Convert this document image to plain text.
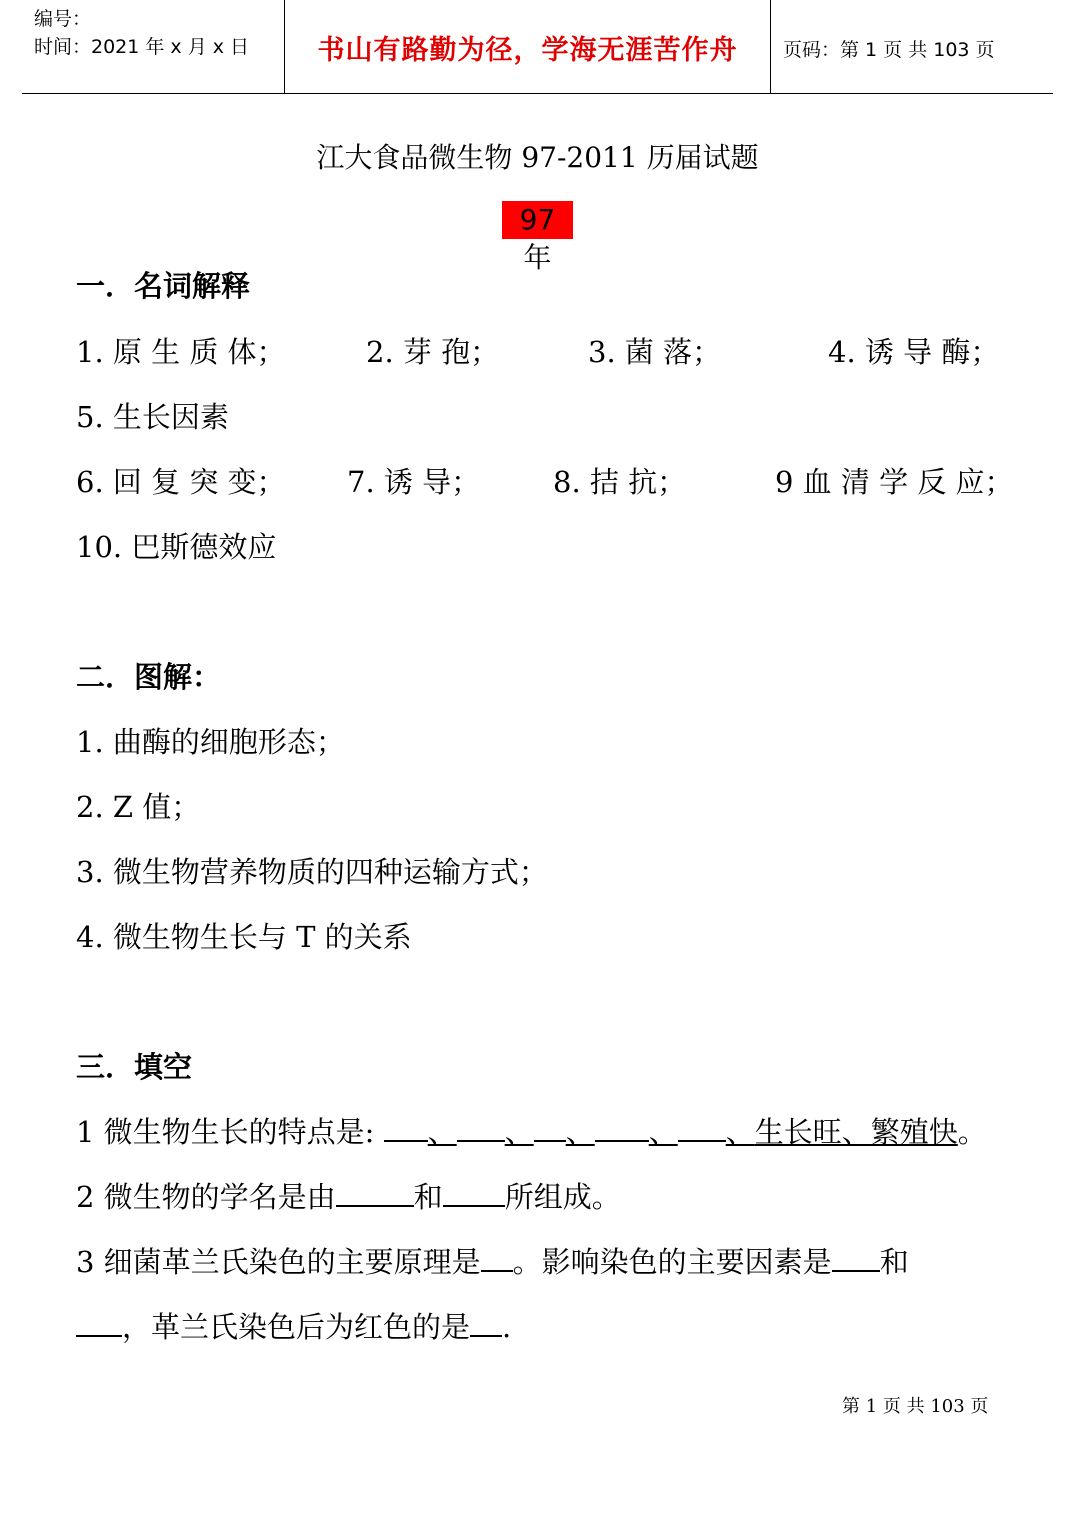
编号：
时间：2021 年 x 月 x 日	书山有路勤为径，学海无涯苦作舟	页码：第 1 页 共 103 页
江大食品微生物 97-2011 历届试题
97 年
一．名词解释
1. 原 生 质 体；	2. 芽 孢；	3. 菌 落；	4. 诱 导 酶；
5. 生长因素
6. 回 复 突 变； 7. 诱 导；	8. 拮 抗；	9 血 清 学 反 应；
10. 巴斯德效应
二．图解：
1. 曲酶的细胞形态；
2. Z 值；
3. 微生物营养物质的四种运输方式；
4. 微生物生长与 T 的关系
三．填空
1 微生物生长的特点是: 、 、 、 、 、生长旺、繁殖快。
2 微生物的学名是由	和 所组成。
3 细菌革兰氏染色的主要原理是 。影响染色的主要因素是 和
，革兰氏染色后为红色的是 .
第 1 页 共 103 页
